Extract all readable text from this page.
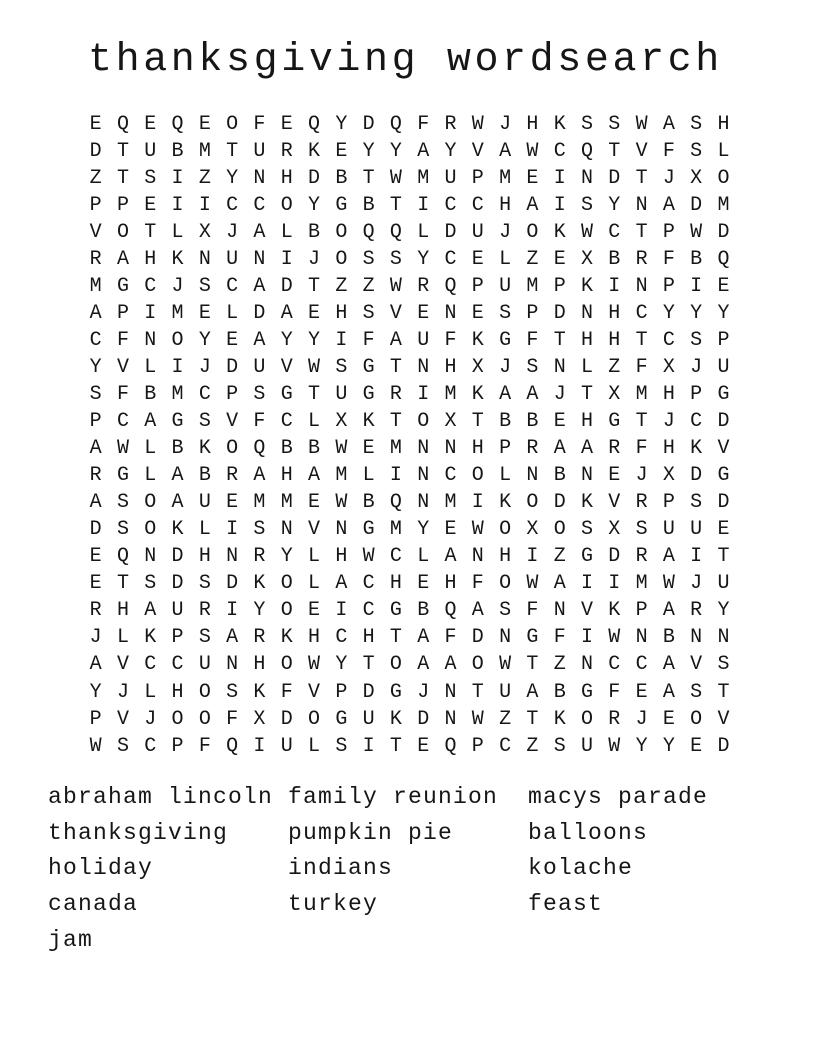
thanksgiving wordsearch
E Q E Q E O F E Q Y D Q F R W J H K S S W A S H
D T U B M T U R K E Y Y A Y V A W C Q T V F S L
Z T S I Z Y N H D B T W M U P M E I N D T J X O
P P E I I C C O Y G B T I C C H A I S Y N A D M
V O T L X J A L B O Q Q L D U J O K W C T P W D
R A H K N U N I J O S S Y C E L Z E X B R F B Q
M G C J S C A D T Z Z W R Q P U M P K I N P I E
A P I M E L D A E H S V E N E S P D N H C Y Y Y
C F N O Y E A Y Y I F A U F K G F T H H T C S P
Y V L I J D U V W S G T N H X J S N L Z F X J U
S F B M C P S G T U G R I M K A A J T X M H P G
P C A G S V F C L X K T O X T B B E H G T J C D
A W L B K O Q B B W E M N N H P R A A R F H K V
R G L A B R A H A M L I N C O L N B N E J X D G
A S O A U E M M E W B Q N M I K O D K V R P S D
D S O K L I S N V N G M Y E W O X O S X S U U E
E Q N D H N R Y L H W C L A N H I Z G D R A I T
E T S D S D K O L A C H E H F O W A I I M W J U
R H A U R I Y O E I C G B Q A S F N V K P A R Y
J L K P S A R K H C H T A F D N G F I W N B N N
A V C C U N H O W Y T O A A O W T Z N C C A V S
Y J L H O S K F V P D G J N T U A B G F E A S T
P V J O O F X D O G U K D N W Z T K O R J E O V
W S C P F Q I U L S I T E Q P C Z S U W Y Y E D
abraham lincoln
thanksgiving
holiday
canada
jam
family reunion
pumpkin pie
indians
turkey
macys parade
balloons
kolache
feast
